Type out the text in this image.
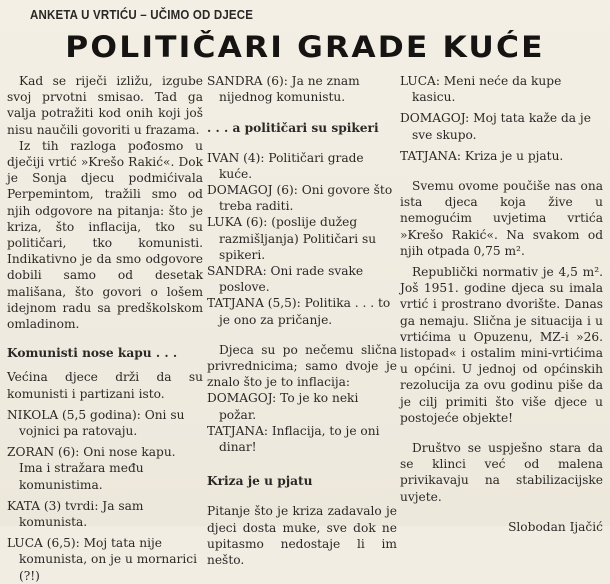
ANKETA U VRTIĆU – UČIMO OD DJECE
POLITIČARI GRADE KUĆE

Kad se riječi izližu, izgube svoj prvotni smisao. Tad ga valja potražiti kod onih koji još nisu naučili govoriti u frazama.

Iz tih razloga pođosmo u dječiji vrtić »Krešo Rakić«. Dok je Sonja djecu podmićivala Perpemintom, tražili smo od njih odgovore na pitanja: što je kriza, što inflacija, tko su političari, tko komunisti. Indikativno je da smo odgovore dobili samo od desetak mališana, što govori o lošem idejnom radu sa predškolskom omladinom.

Komunisti nose kapu . . .

Većina djece drži da su komunisti i partizani isto.

NIKOLA (5,5 godina): Oni su vojnici pa ratovaju.

ZORAN (6): Oni nose kapu. Ima i stražara među komunistima.

KATA (3) tvrdi: Ja sam komunista.

LUCA (6,5): Moj tata nije komunista, on je u mornarici (?!)

SANDRA (6): Ja ne znam nijednog komunistu.

. . . a političari su spikeri

IVAN (4): Političari grade kuće.

DOMAGOJ (6): Oni govore što treba raditi.

LUKA (6): (poslije dužeg razmišljanja) Političari su spikeri.

SANDRA: Oni rade svake poslove.

TATJANA (5,5): Politika . . . to je ono za pričanje.

Djeca su po nečemu slična privrednicima; samo dvoje je znalo što je to inflacija:

DOMAGOJ: To je ko neki požar.

TATJANA: Inflacija, to je oni dinar!

Kriza je u pjatu

Pitanje što je kriza zadavalo je djeci dosta muke, sve dok ne upitasmo nedostaje li im nešto.

LUCA: Meni neće da kupe kasicu.

DOMAGOJ: Moj tata kaže da je sve skupo.

TATJANA: Kriza je u pjatu.

Svemu ovome poučiše nas ona ista djeca koja žive u nemogućim uvjetima vrtića »Krešo Rakić«. Na svakom od njih otpada 0,75 m².

Republički normativ je 4,5 m². Još 1951. godine djeca su imala vrtić i prostrano dvorište. Danas ga nemaju. Slična je situacija i u vrtićima u Opuzenu, MZ-i »26. listopad« i ostalim mini-vrtićima u općini. U jednoj od općinskih rezolucija za ovu godinu piše da je cilj primiti što više djece u postojeće objekte!

Društvo se uspješno stara da se klinci već od malena privikavaju na stabilizacijske uvjete.

Slobodan Ijačić
